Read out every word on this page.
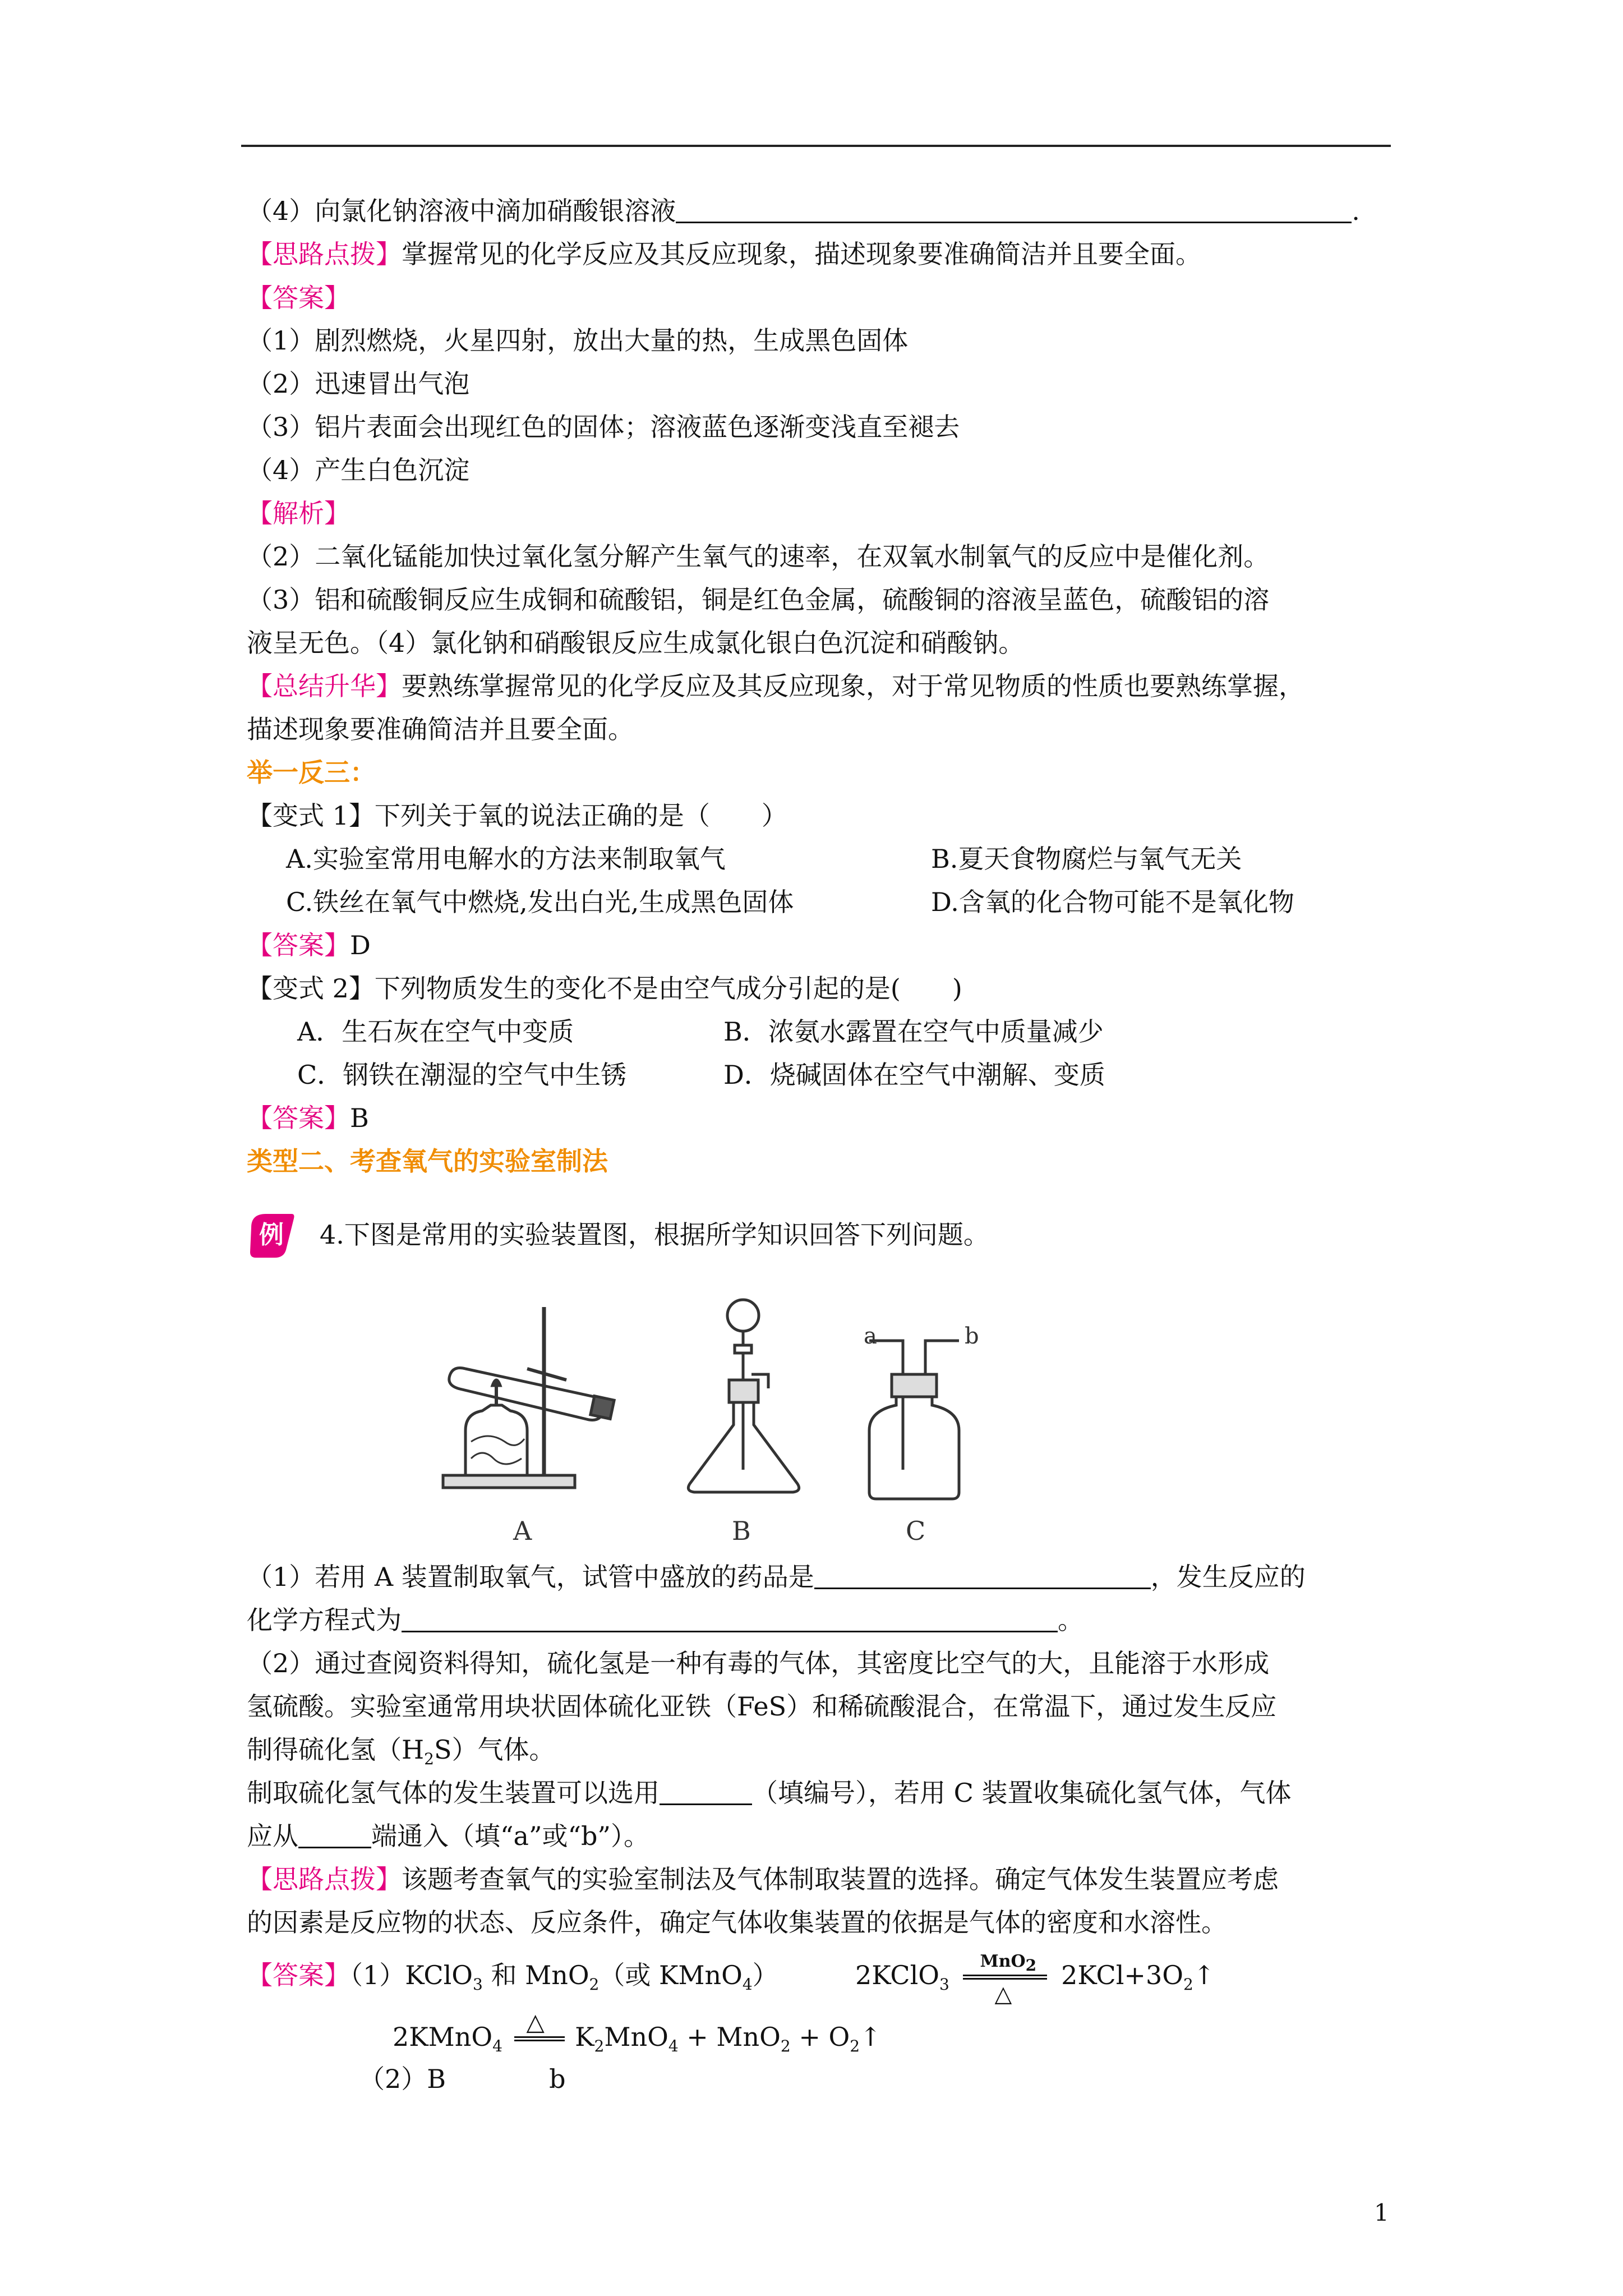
（4）向氯化钠溶液中滴加硝酸银溶液	.
【思路点拨】掌握常见的化学反应及其反应现象，描述现象要准确简洁并且要全面。
【答案】
（1）剧烈燃烧，火星四射，放出大量的热，生成黑色固体
（2）迅速冒出气泡
（3）铝片表面会出现红色的固体；溶液蓝色逐渐变浅直至褪去
（4）产生白色沉淀
【解析】
（2）二氧化锰能加快过氧化氢分解产生氧气的速率，在双氧水制氧气的反应中是催化剂。
（3）铝和硫酸铜反应生成铜和硫酸铝，铜是红色金属，硫酸铜的溶液呈蓝色，硫酸铝的溶
液呈无色。（4）氯化钠和硝酸银反应生成氯化银白色沉淀和硝酸钠。
【总结升华】要熟练掌握常见的化学反应及其反应现象，对于常见物质的性质也要熟练掌握，
描述现象要准确简洁并且要全面。
举一反三：
【变式 1】下列关于氧的说法正确的是（　　）
A.实验室常用电解水的方法来制取氧气	B.夏天食物腐烂与氧气无关
C.铁丝在氧气中燃烧,发出白光,生成黑色固体	D.含氧的化合物可能不是氧化物
【答案】D
【变式 2】下列物质发生的变化不是由空气成分引起的是(　　)
A．生石灰在空气中变质	B．浓氨水露置在空气中质量减少
C．钢铁在潮湿的空气中生锈	D．烧碱固体在空气中潮解、变质
【答案】B
类型二、考查氧气的实验室制法
例 4.下图是常用的实验装置图，根据所学知识回答下列问题。
a	b
A	B	C
（1）若用 A 装置制取氧气，试管中盛放的药品是	，发生反应的
化学方程式为	。
（2）通过查阅资料得知，硫化氢是一种有毒的气体，其密度比空气的大，且能溶于水形成
氢硫酸。实验室通常用块状固体硫化亚铁（FeS）和稀硫酸混合，在常温下，通过发生反应
制得硫化氢$(H_2S)$气体。
制取硫化氢气体的发生装置可以选用	（填编号），若用 C 装置收集硫化氢气体，气体
应从	端通入（填“a”或“b”）。
【思路点拨】该题考查氧气的实验室制法及气体制取装置的选择。确定气体发生装置应考虑
的因素是反应物的状态、反应条件，确定气体收集装置的依据是气体的密度和水溶性。
【答案】（1）KClO$_3$ 和 MnO$_2$（或 KMnO$_4$）	2KClO$_3$
MnO$_2$
△
$2KCl+3O_2↑$
2KMnO$_4$
△ $K_2MnO_4 + MnO_2$ + $O_2↑$
（2）B　　　　b
1
